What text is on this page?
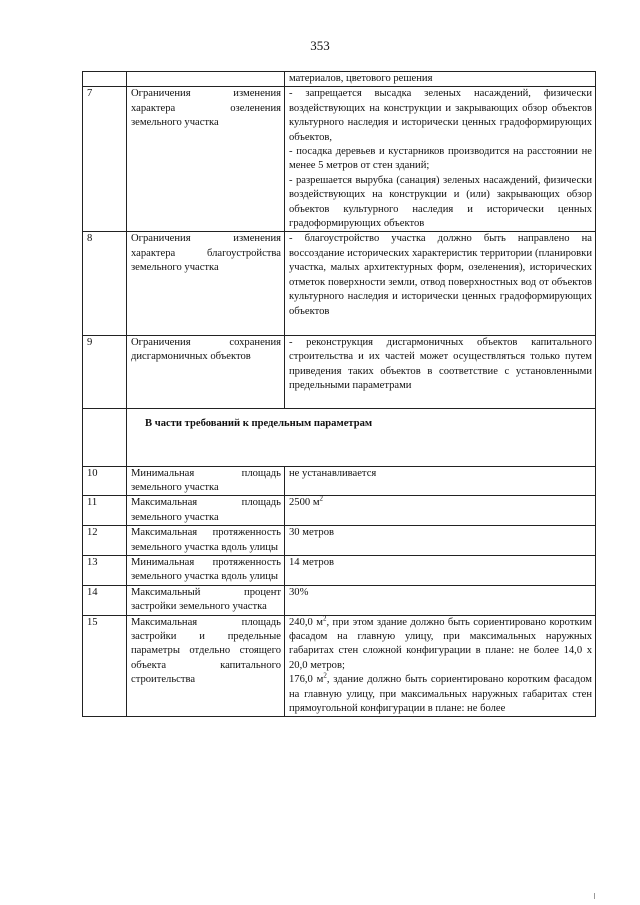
353

		материалов, цветового решения

7	Ограничения изменения характера озеленения земельного участка	- запрещается высадка зеленых насаждений, физически воздействующих на конструкции и закрывающих обзор объектов культурного наследия и исторически ценных градоформирующих объектов,
- посадка деревьев и кустарников производится на расстоянии не менее 5 метров от стен зданий;
- разрешается вырубка (санация) зеленых насаждений, физически воздействующих на конструкции и (или) закрывающих обзор объектов культурного наследия и исторически ценных градоформирующих объектов

8	Ограничения изменения характера благоустройства земельного участка	- благоустройство участка должно быть направлено на воссоздание исторических характеристик территории (планировки участка, малых архитектурных форм, озеленения), исторических отметок поверхности земли, отвод поверхностных вод от объектов культурного наследия и исторически ценных градоформирующих объектов

9	Ограничения сохранения дисгармоничных объектов	- реконструкция дисгармоничных объектов капитального строительства и их частей может осуществляться только путем приведения таких объектов в соответствие с установленными предельными параметрами

	В части требований к предельным параметрам	
10	Минимальная площадь земельного участка	не устанавливается
11	Максимальная площадь земельного участка	2500 $м^2$
12	Максимальная протяженность земельного участка вдоль улицы	30 метров
13	Минимальная протяженность земельного участка вдоль улицы	14 метров
14	Максимальный процент застройки земельного участка	30%
15	Максимальная площадь застройки и предельные параметры отдельно стоящего объекта капитального строительства	240,0 $м^2$, при этом здание должно быть сориентировано коротким фасадом на главную улицу, при максимальных наружных габаритах стен сложной конфигурации в плане: не более 14,0 х 20,0 метров;
176,0 $м^2$, здание должно быть сориентировано коротким фасадом на главную улицу, при максимальных наружных габаритах стен прямоугольной конфигурации в плане: не более
